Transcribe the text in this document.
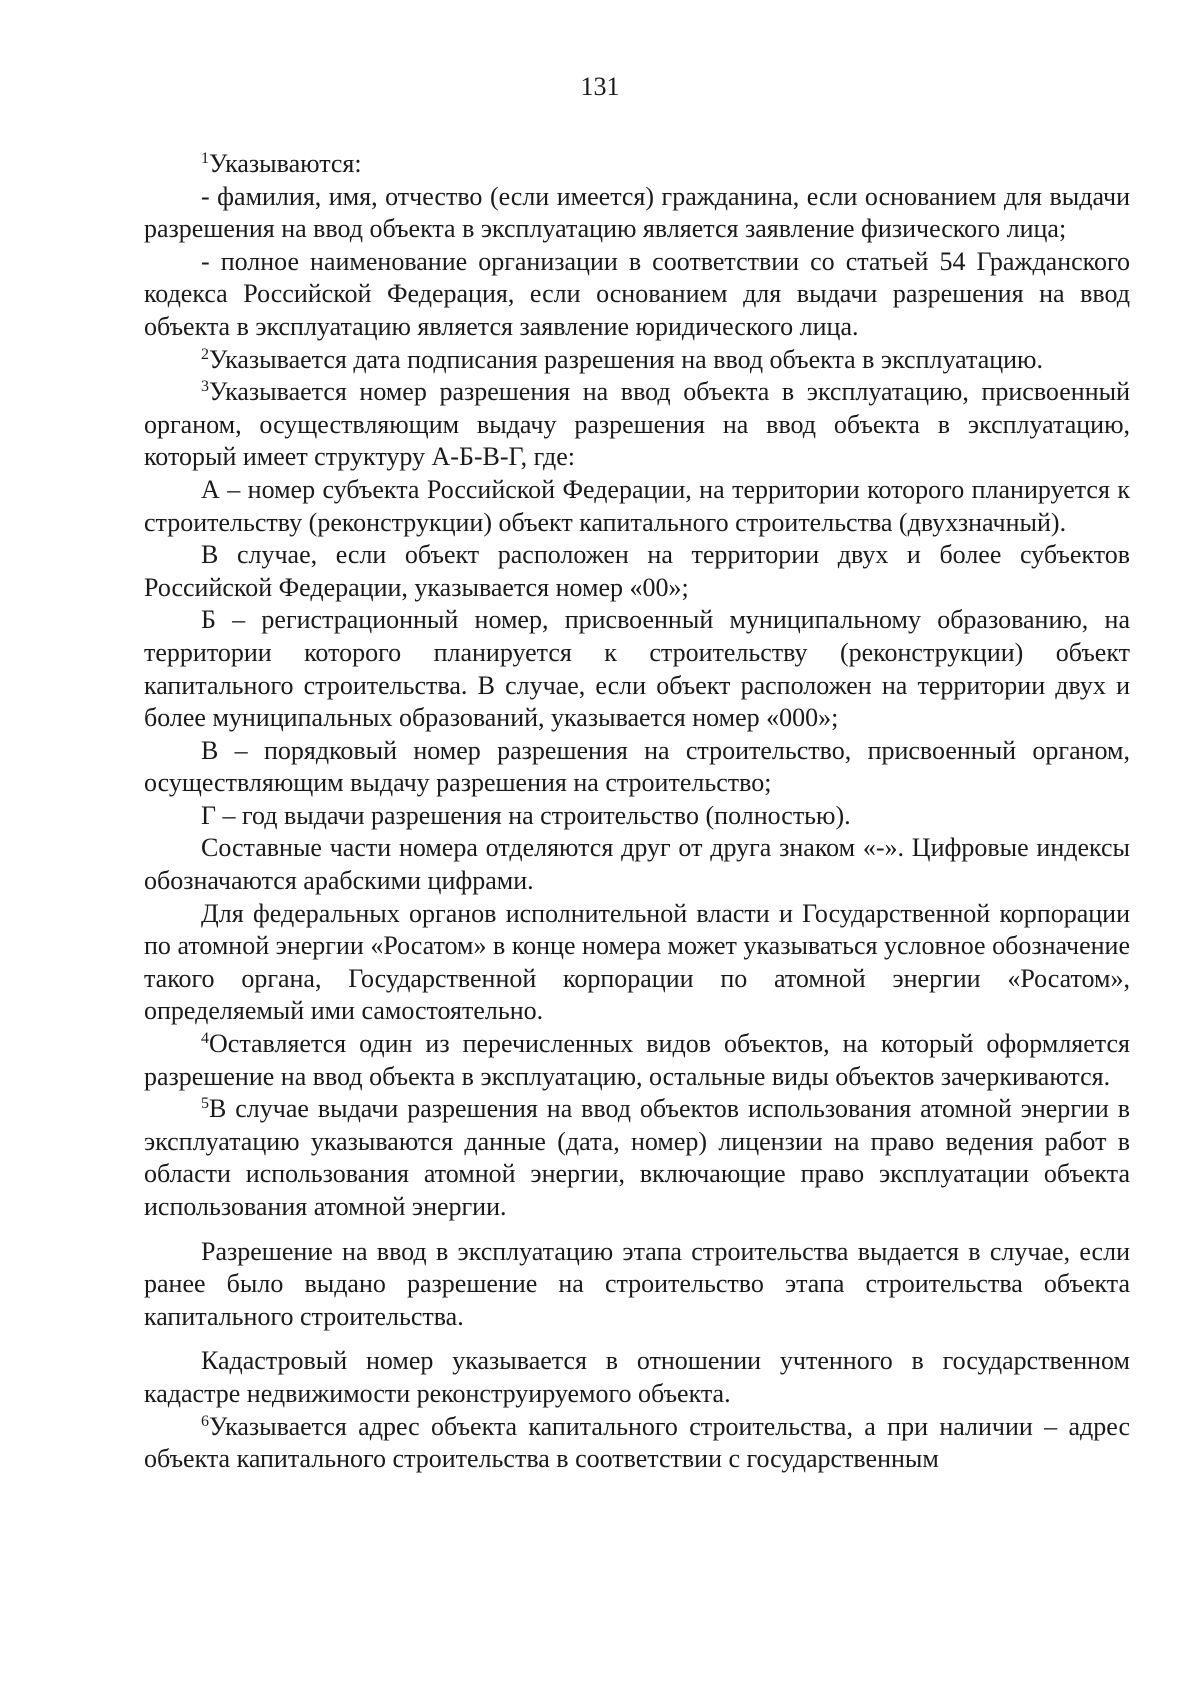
131

$^1$Указываются:

- фамилия, имя, отчество (если имеется) гражданина, если основанием для выдачи разрешения на ввод объекта в эксплуатацию является заявление физического лица;

- полное наименование организации в соответствии со статьей 54 Гражданского кодекса Российской Федерация, если основанием для выдачи разрешения на ввод объекта в эксплуатацию является заявление юридического лица.

$^2$Указывается дата подписания разрешения на ввод объекта в эксплуатацию.

$^3$Указывается номер разрешения на ввод объекта в эксплуатацию, присвоенный органом, осуществляющим выдачу разрешения на ввод объекта в эксплуатацию, который имеет структуру А-Б-В-Г, где:

А – номер субъекта Российской Федерации, на территории которого планируется к строительству (реконструкции) объект капитального строительства (двухзначный).

В случае, если объект расположен на территории двух и более субъектов Российской Федерации, указывается номер «00»;

Б – регистрационный номер, присвоенный муниципальному образованию, на территории которого планируется к строительству (реконструкции) объект капитального строительства. В случае, если объект расположен на территории двух и более муниципальных образований, указывается номер «000»;

В – порядковый номер разрешения на строительство, присвоенный органом, осуществляющим выдачу разрешения на строительство;

Г – год выдачи разрешения на строительство (полностью).

Составные части номера отделяются друг от друга знаком «-». Цифровые индексы обозначаются арабскими цифрами.

Для федеральных органов исполнительной власти и Государственной корпорации по атомной энергии «Росатом» в конце номера может указываться условное обозначение такого органа, Государственной корпорации по атомной энергии «Росатом», определяемый ими самостоятельно.

$^4$Оставляется один из перечисленных видов объектов, на который оформляется разрешение на ввод объекта в эксплуатацию, остальные виды объектов зачеркиваются.

$^5$В случае выдачи разрешения на ввод объектов использования атомной энергии в эксплуатацию указываются данные (дата, номер) лицензии на право ведения работ в области использования атомной энергии, включающие право эксплуатации объекта использования атомной энергии.

Разрешение на ввод в эксплуатацию этапа строительства выдается в случае, если ранее было выдано разрешение на строительство этапа строительства объекта капитального строительства.

Кадастровый номер указывается в отношении учтенного в государственном кадастре недвижимости реконструируемого объекта.

$^6$Указывается адрес объекта капитального строительства, а при наличии – адрес объекта капитального строительства в соответствии с государственным
